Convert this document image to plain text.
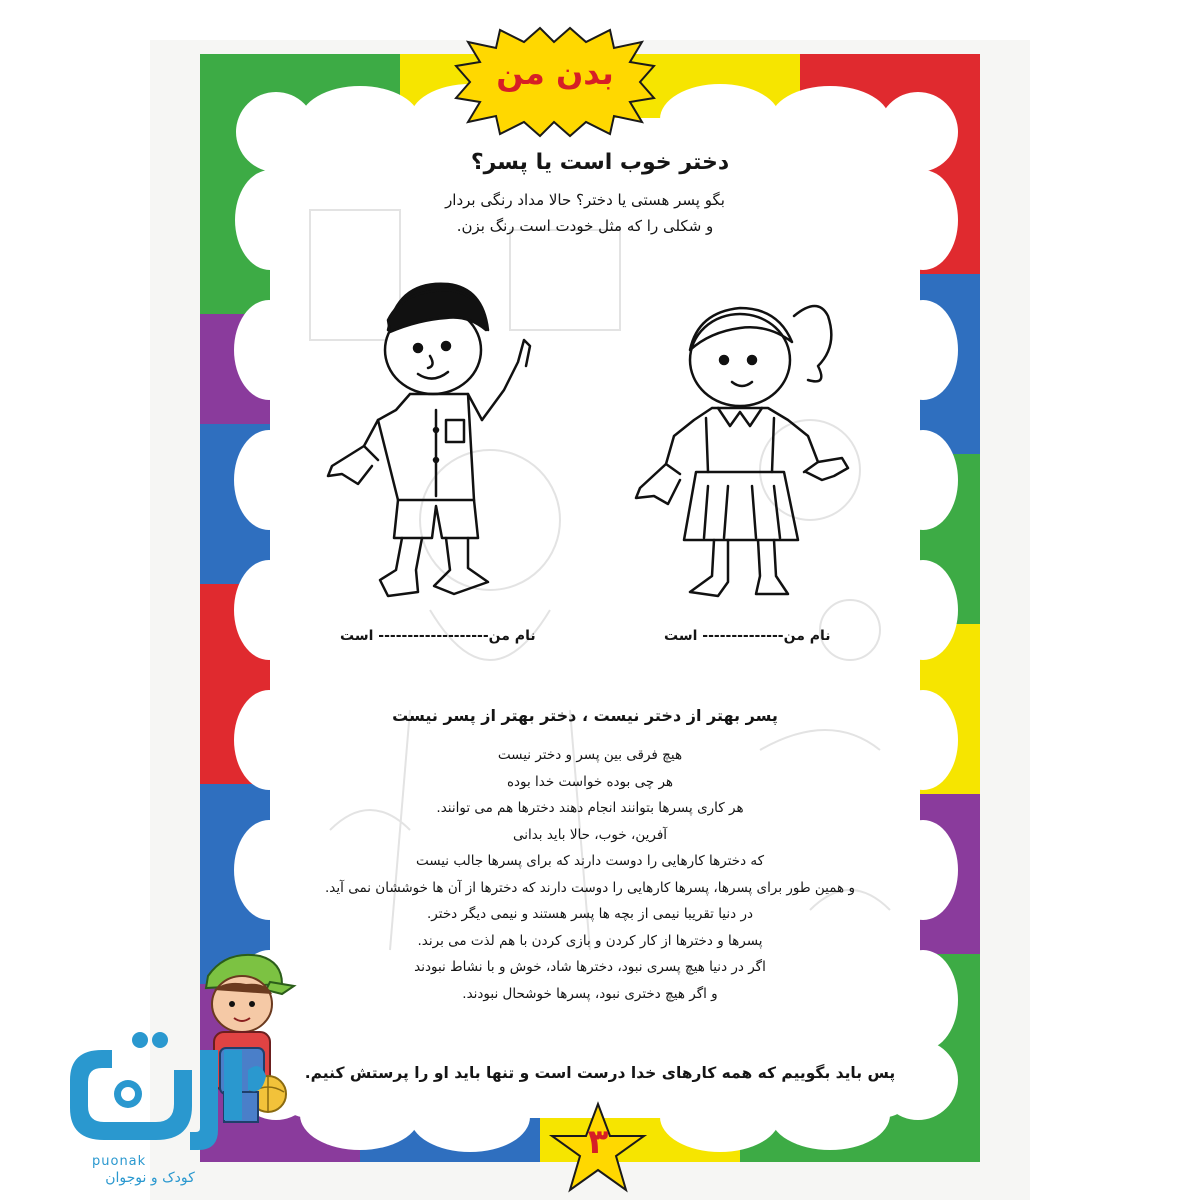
بدن من
دختر خوب است یا پسر؟
بگو پسر هستی یا دختر؟ حالا مداد رنگی بردار
و شکلی را که مثل خودت است رنگ بزن.
نام من------------------- است	نام من-------------- است
پسر بهتر از دختر نیست ، دختر بهتر از پسر نیست
هیچ فرقی بین پسر و دختر نیست
هر چی بوده خواست خدا بوده
هر کاری پسرها بتوانند انجام دهند دخترها هم می توانند.
آفرین، خوب، حالا باید بدانی
که دخترها کارهایی را دوست دارند که برای پسرها جالب نیست
و همین طور برای پسرها، پسرها کارهایی را دوست دارند که دخترها از آن ها خوششان نمی آید.
در دنیا تقریبا نیمی از بچه ها پسر هستند و نیمی دیگر دختر.
پسرها و دخترها از کار کردن و بازی کردن با هم لذت می برند.
اگر در دنیا هیچ پسری نبود، دخترها شاد، خوش و با نشاط نبودند
و اگر هیچ دختری نبود، پسرها خوشحال نبودند.
پس باید بگوییم که همه کارهای خدا درست است و تنها باید او را پرستش کنیم.
۳
puonak
کودک و نوجوان
